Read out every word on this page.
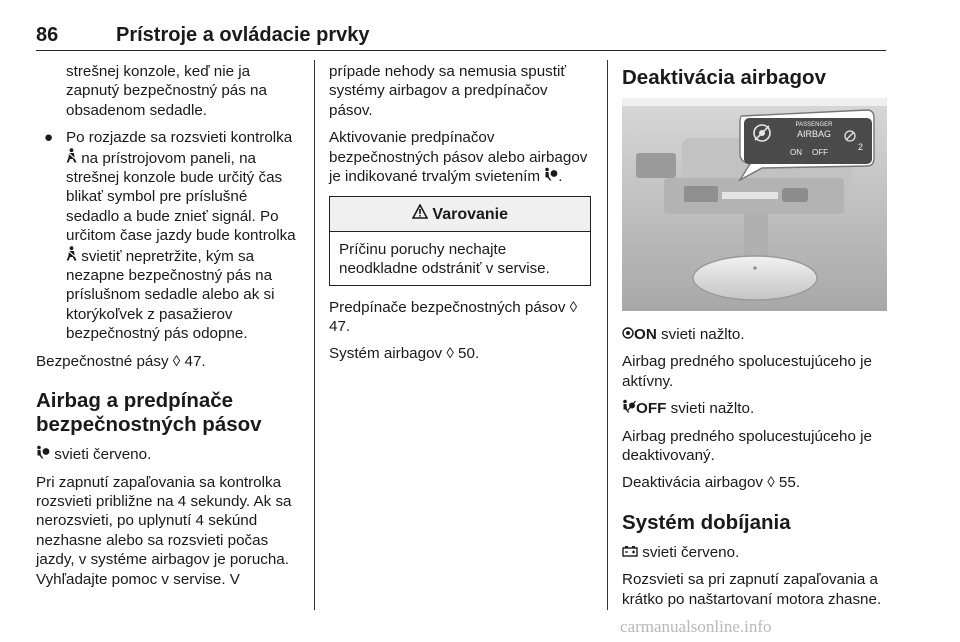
86	Prístroje a ovládacie prvky

strešnej konzole, keď nie ja zapnutý bezpečnostný pás na obsadenom sedadle.

● Po rozjazde sa rozsvieti kontrolka  na prístrojovom paneli, na strešnej konzole bude určitý čas blikať symbol pre príslušné sedadlo a bude znieť signál. Po určitom čase jazdy bude kontrolka  svietiť nepretržite, kým sa nezapne bezpečnostný pás na príslušnom sedadle alebo ak si ktorýkoľvek z pasažierov bezpečnostný pás odopne.

Bezpečnostné pásy ◊ 47.

Airbag a predpínače bezpečnostných pásov

svieti červeno.

Pri zapnutí zapaľovania sa kontrolka rozsvieti približne na 4 sekundy. Ak sa nerozsvieti, po uplynutí 4 sekúnd nezhasne alebo sa rozsvieti počas jazdy, v systéme airbagov je porucha. Vyhľadajte pomoc v servise. V

prípade nehody sa nemusia spustiť systémy airbagov a predpínačov pásov.

Aktivovanie predpínačov bezpečnostných pásov alebo airbagov je indikované trvalým svietením .

Varovanie
Príčinu poruchy nechajte neodkladne odstrániť v servise.

Predpínače bezpečnostných pásov ◊ 47.

Systém airbagov ◊ 50.

Deaktivácia airbagov
PASSENGER
AIRBAG
ON OFF
2

ON svieti nažlto.

Airbag predného spolucestujúceho je aktívny.

OFF svieti nažlto.

Airbag predného spolucestujúceho je deaktivovaný.

Deaktivácia airbagov ◊ 55.

Systém dobíjania

svieti červeno.

Rozsvieti sa pri zapnutí zapaľovania a krátko po naštartovaní motora zhasne.

carmanualsonline.info
